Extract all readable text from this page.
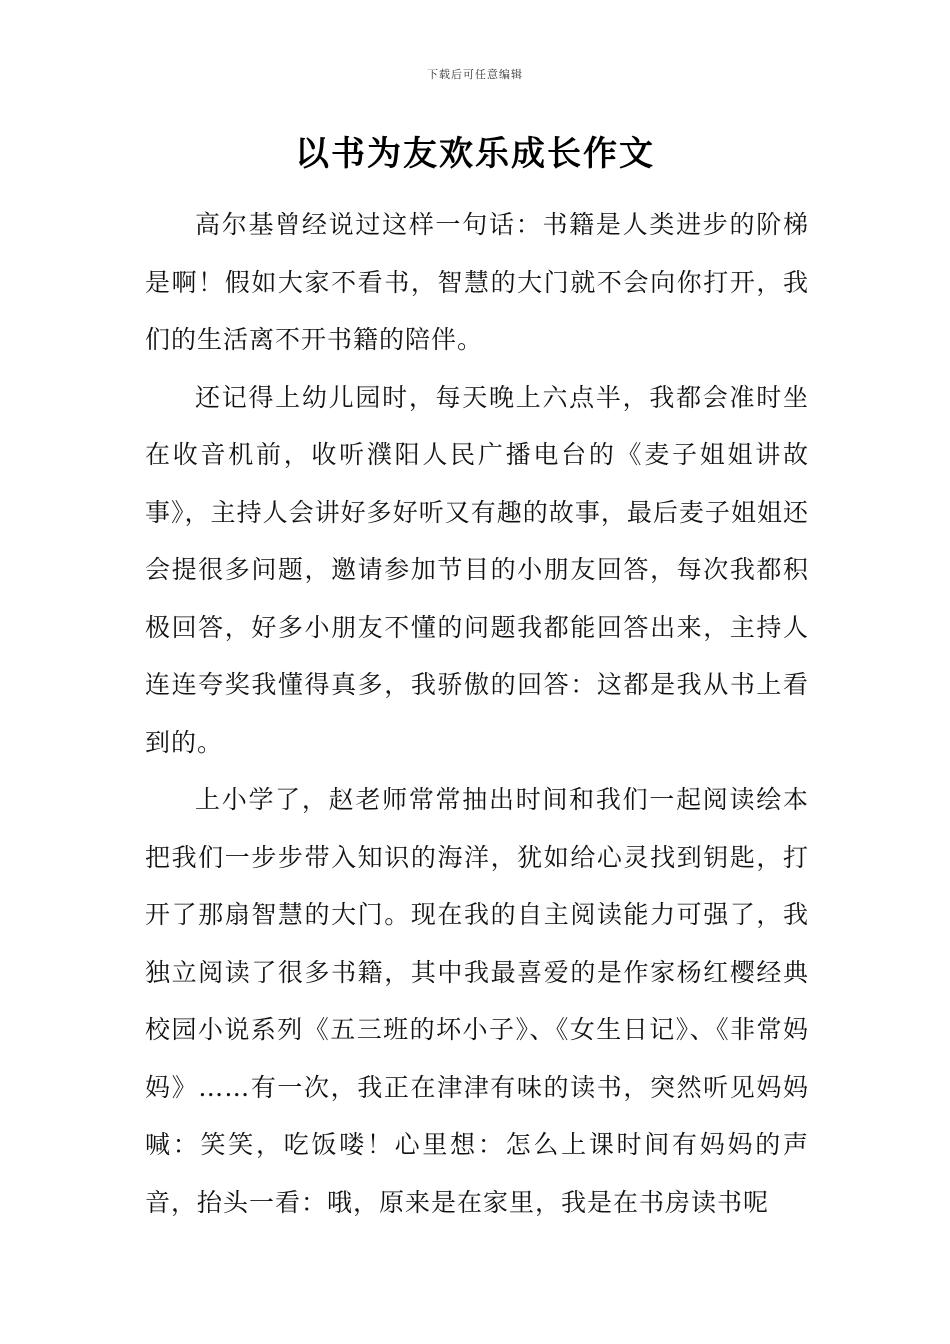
下载后可任意编辑
以书为友欢乐成长作文

高尔基曾经说过这样一句话：书籍是人类进步的阶梯是啊！假如大家不看书，智慧的大门就不会向你打开，我们的生活离不开书籍的陪伴。

还记得上幼儿园时，每天晚上六点半，我都会准时坐在收音机前，收听濮阳人民广播电台的《麦子姐姐讲故事》，主持人会讲好多好听又有趣的故事，最后麦子姐姐还会提很多问题，邀请参加节目的小朋友回答，每次我都积极回答，好多小朋友不懂的问题我都能回答出来，主持人连连夸奖我懂得真多，我骄傲的回答：这都是我从书上看到的。

上小学了，赵老师常常抽出时间和我们一起阅读绘本把我们一步步带入知识的海洋，犹如给心灵找到钥匙，打开了那扇智慧的大门。现在我的自主阅读能力可强了，我独立阅读了很多书籍，其中我最喜爱的是作家杨红樱经典校园小说系列《五三班的坏小子》、《女生日记》、《非常妈妈》……有一次，我正在津津有味的读书，突然听见妈妈喊：笑笑，吃饭喽！心里想：怎么上课时间有妈妈的声音，抬头一看：哦，原来是在家里，我是在书房读书呢
